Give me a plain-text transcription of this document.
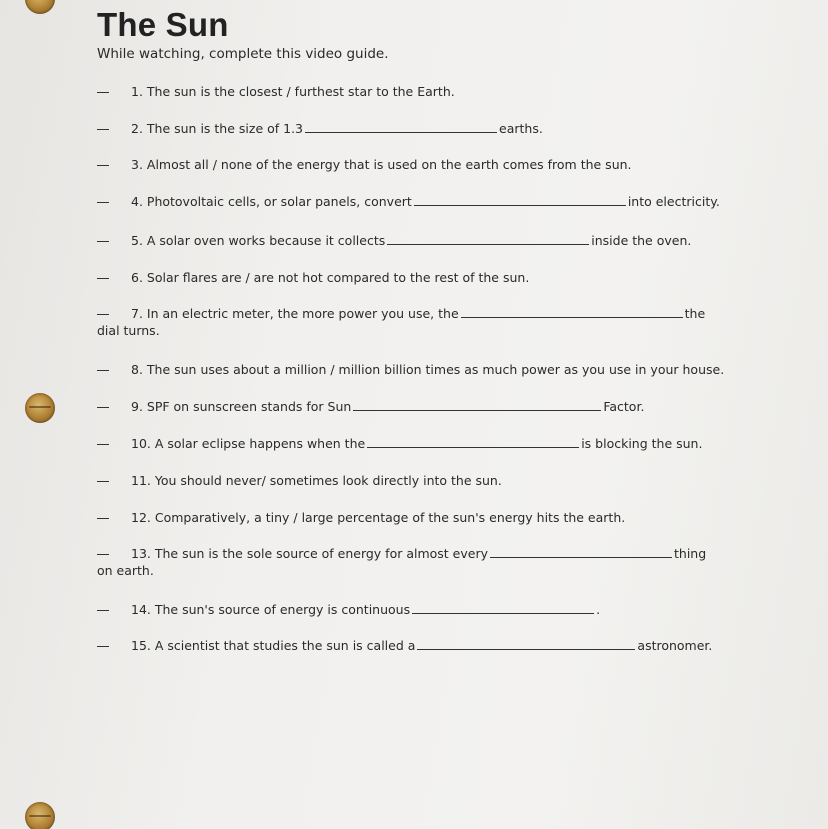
The Sun
While watching, complete this video guide.
1. The sun is the closest / furthest star to the Earth.
2. The sun is the size of 1.3	earths.
3. Almost all / none of the energy that is used on the earth comes from the sun.
4. Photovoltaic cells, or solar panels, convert	into electricity.
5. A solar oven works because it collects	inside the oven.
6. Solar flares are / are not hot compared to the rest of the sun.
7. In an electric meter, the more power you use, the	the
dial turns.
8. The sun uses about a million / million billion times as much power as you use in your house.
9. SPF on sunscreen stands for Sun	Factor.
10. A solar eclipse happens when the	is blocking the sun.
11. You should never/ sometimes look directly into the sun.
12. Comparatively, a tiny / large percentage of the sun's energy hits the earth.
13. The sun is the sole source of energy for almost every	thing
on earth.
14. The sun's source of energy is continuous	.
15. A scientist that studies the sun is called a	astronomer.
